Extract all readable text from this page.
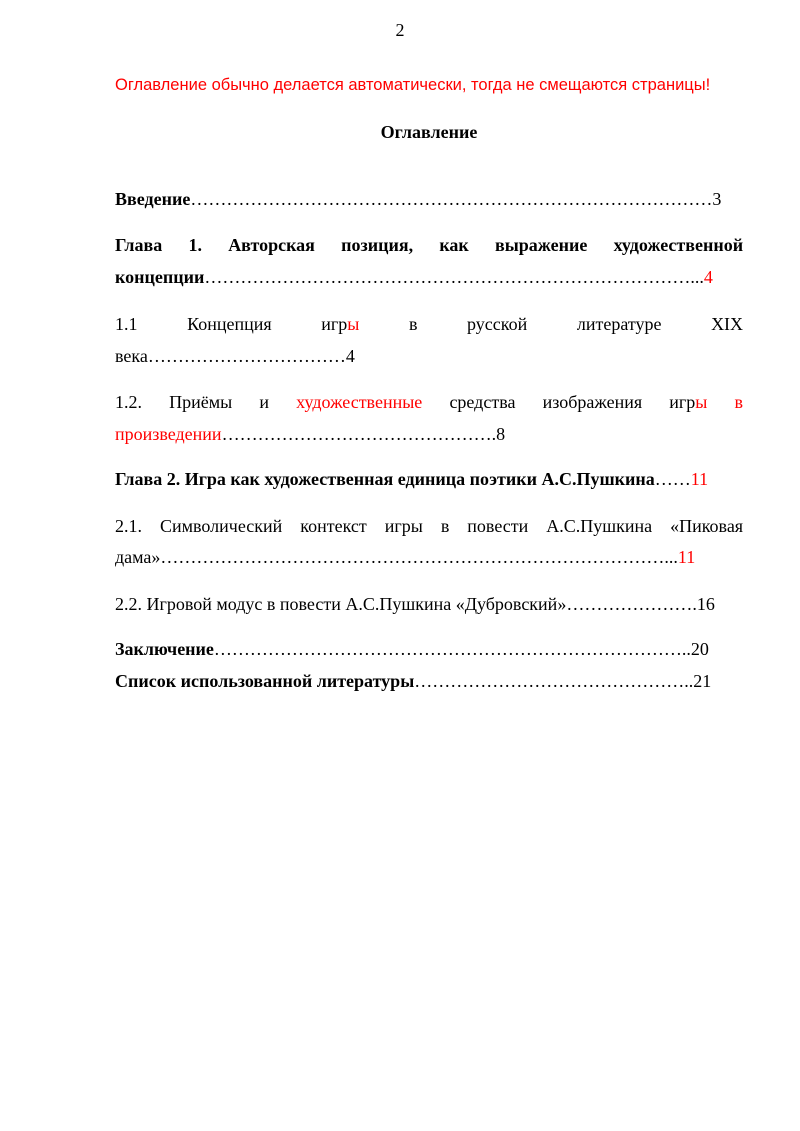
2
Оглавление обычно делается автоматически, тогда не смещаются страницы!
Оглавление
Введение……………………………………………………………………………3
Глава 1. Авторская позиция, как выражение художественной
концепции………………………………………………………………………...4
1.1	Концепция	игры	в	русской	литературе	XIX
века……………………………4
1.2. Приёмы и художественные средства изображения игры в
произведении……………………………………….8
Глава 2. Игра как художественная единица поэтики А.С.Пушкина……11
2.1. Символический контекст игры в повести А.С.Пушкина «Пиковая
дама»…………………………………………………………………………...11
2.2. Игровой модус в повести А.С.Пушкина «Дубровский»………………….16
Заключение……………………………………………………………………..20
Список использованной литературы………………………………………..21
